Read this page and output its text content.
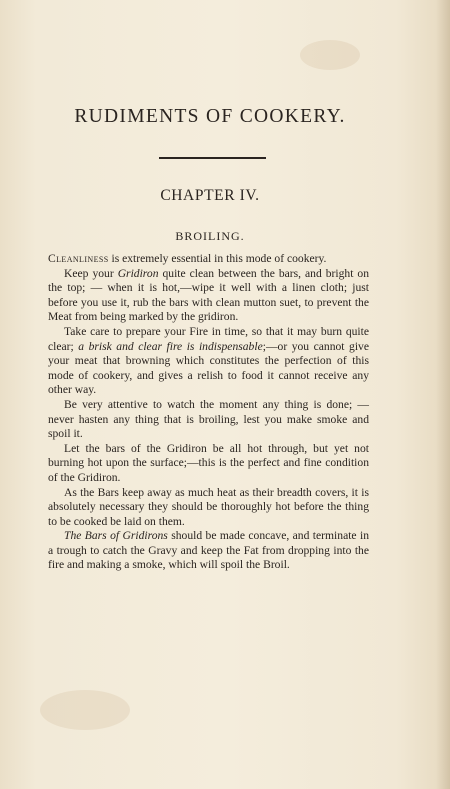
RUDIMENTS OF COOKERY.
CHAPTER IV.
BROILING.

Cleanliness is extremely essential in this mode of cookery.

Keep your Gridiron quite clean between the bars, and bright on the top; — when it is hot,—wipe it well with a linen cloth; just before you use it, rub the bars with clean mutton suet, to prevent the Meat from being marked by the gridiron.

Take care to prepare your Fire in time, so that it may burn quite clear; a brisk and clear fire is indispensable;—or you cannot give your meat that browning which constitutes the perfection of this mode of cookery, and gives a relish to food it cannot receive any other way.

Be very attentive to watch the moment any thing is done; — never hasten any thing that is broiling, lest you make smoke and spoil it.

Let the bars of the Gridiron be all hot through, but yet not burning hot upon the surface;—this is the perfect and fine condition of the Gridiron.

As the Bars keep away as much heat as their breadth covers, it is absolutely necessary they should be thoroughly hot before the thing to be cooked be laid on them.

The Bars of Gridirons should be made concave, and terminate in a trough to catch the Gravy and keep the Fat from dropping into the fire and making a smoke, which will spoil the Broil.
